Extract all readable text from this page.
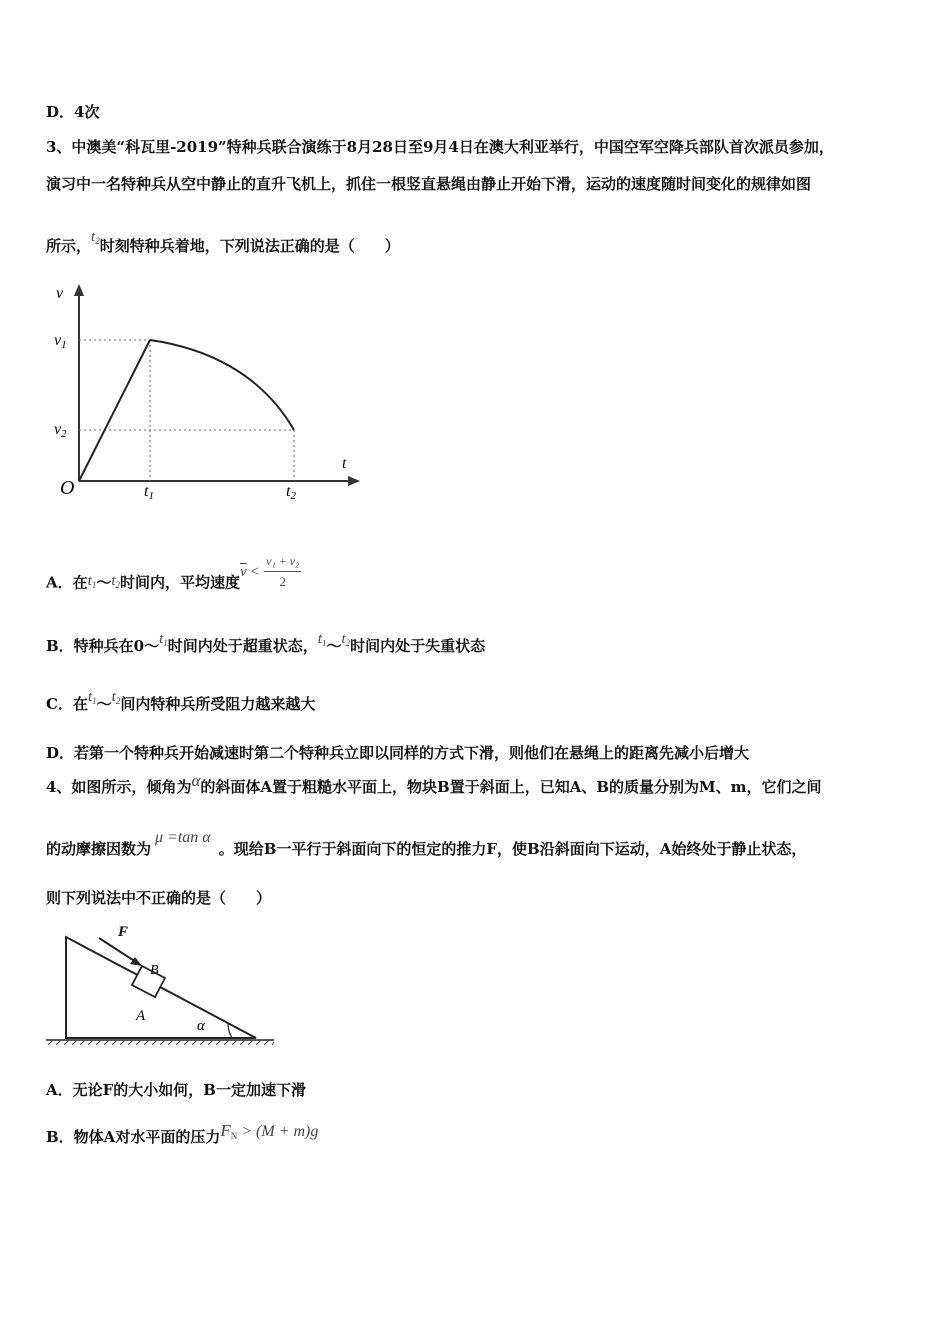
D．4次
3、中澳美“科瓦里-2019”特种兵联合演练于8月28日至9月4日在澳大利亚举行，中国空军空降兵部队首次派员参加，
演习中一名特种兵从空中静止的直升飞机上，抓住一根竖直悬绳由静止开始下滑，运动的速度随时间变化的规律如图
所示，$t_2$时刻特种兵着地，下列说法正确的是（　　）
v
t
O
v1
v2
t1	t2
A．在$t_1\sim t_2$时间内，平均速度$\overline{v} < \frac{\text{v₁ + v₂}}{2}$
B．特种兵在$0\sim t_1$时间内处于超重状态，$t_1\sim t_2$时间内处于失重状态
C．在$t_1\sim t_2$间内特种兵所受阻力越来越大
D．若第一个特种兵开始减速时第二个特种兵立即以同样的方式下滑，则他们在悬绳上的距离先减小后增大
4、如图所示，倾角为α的斜面体A置于粗糙水平面上，物块B置于斜面上，已知A、B的质量分别为M、m，它们之间
的动摩擦因数为μ =tan α。现给B一平行于斜面向下的恒定的推力F，使B沿斜面向下运动，A始终处于静止状态，
则下列说法中不正确的是（　　）
F
B
A
α
A．无论F的大小如何，B一定加速下滑
B．物体A对水平面的压力$F_N > (M + m)g$
